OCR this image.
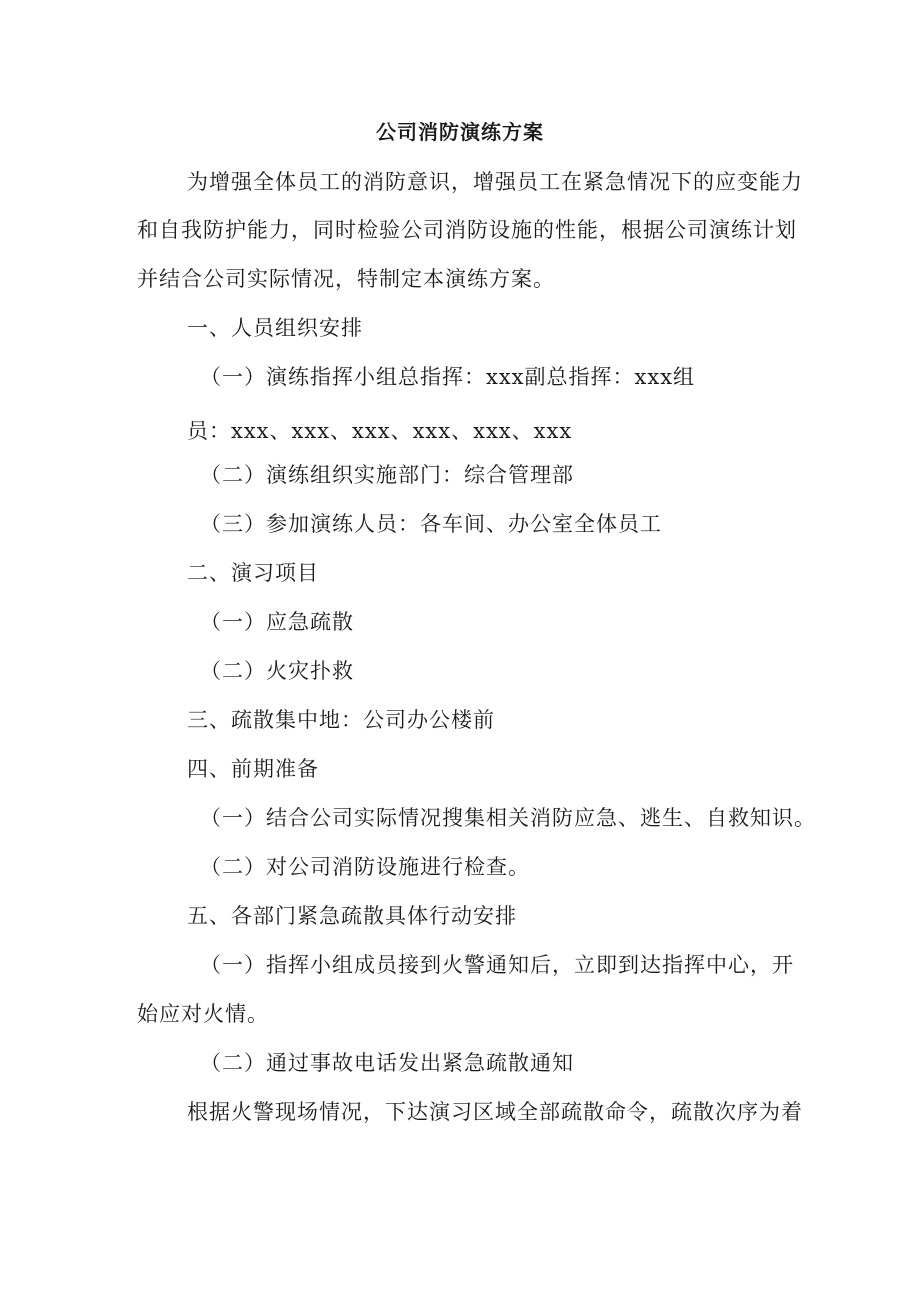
公司消防演练方案
为增强全体员工的消防意识，增强员工在紧急情况下的应变能力
和自我防护能力，同时检验公司消防设施的性能，根据公司演练计划
并结合公司实际情况，特制定本演练方案。
一、人员组织安排
（一）演练指挥小组总指挥：xxx副总指挥：xxx组
员：xxx、xxx、xxx、xxx、xxx、xxx
（二）演练组织实施部门：综合管理部
（三）参加演练人员：各车间、办公室全体员工
二、演习项目
（一）应急疏散
（二）火灾扑救
三、疏散集中地：公司办公楼前
四、前期准备
（一）结合公司实际情况搜集相关消防应急、逃生、自救知识。
（二）对公司消防设施进行检查。
五、各部门紧急疏散具体行动安排
（一）指挥小组成员接到火警通知后，立即到达指挥中心，开
始应对火情。
（二）通过事故电话发出紧急疏散通知
根据火警现场情况，下达演习区域全部疏散命令，疏散次序为着
